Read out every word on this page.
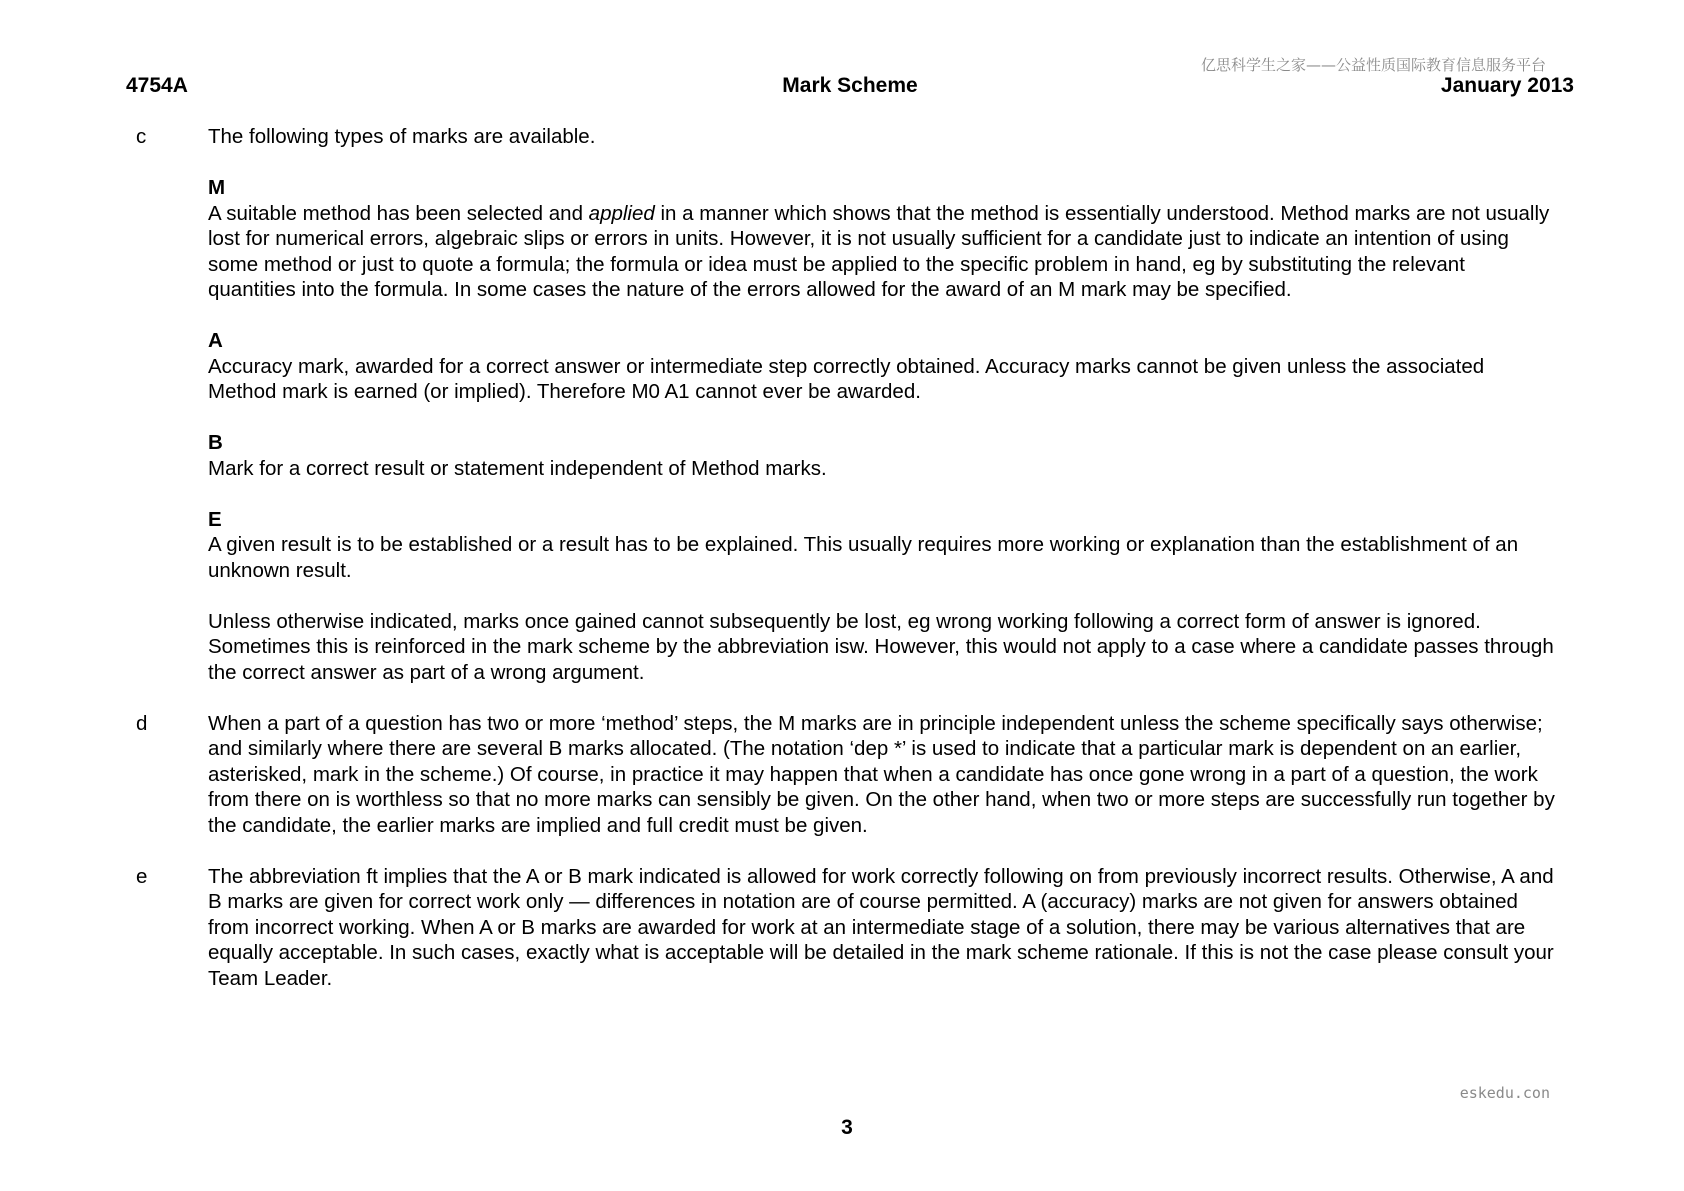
亿思科学生之家——公益性质国际教育信息服务平台
4754A	Mark Scheme	January 2013
c	The following types of marks are available.

M

A suitable method has been selected and applied in a manner which shows that the method is essentially understood. Method marks are not usually lost for numerical errors, algebraic slips or errors in units. However, it is not usually sufficient for a candidate just to indicate an intention of using some method or just to quote a formula; the formula or idea must be applied to the specific problem in hand, eg by substituting the relevant quantities into the formula. In some cases the nature of the errors allowed for the award of an M mark may be specified.

A

Accuracy mark, awarded for a correct answer or intermediate step correctly obtained. Accuracy marks cannot be given unless the associated Method mark is earned (or implied). Therefore M0 A1 cannot ever be awarded.

B

Mark for a correct result or statement independent of Method marks.

E

A given result is to be established or a result has to be explained. This usually requires more working or explanation than the establishment of an unknown result.

Unless otherwise indicated, marks once gained cannot subsequently be lost, eg wrong working following a correct form of answer is ignored. Sometimes this is reinforced in the mark scheme by the abbreviation isw. However, this would not apply to a case where a candidate passes through the correct answer as part of a wrong argument.

d	When a part of a question has two or more ‘method’ steps, the M marks are in principle independent unless the scheme specifically says otherwise; and similarly where there are several B marks allocated. (The notation ‘dep *’ is used to indicate that a particular mark is dependent on an earlier, asterisked, mark in the scheme.) Of course, in practice it may happen that when a candidate has once gone wrong in a part of a question, the work from there on is worthless so that no more marks can sensibly be given. On the other hand, when two or more steps are successfully run together by the candidate, the earlier marks are implied and full credit must be given.

e	The abbreviation ft implies that the A or B mark indicated is allowed for work correctly following on from previously incorrect results. Otherwise, A and B marks are given for correct work only — differences in notation are of course permitted. A (accuracy) marks are not given for answers obtained from incorrect working. When A or B marks are awarded for work at an intermediate stage of a solution, there may be various alternatives that are equally acceptable. In such cases, exactly what is acceptable will be detailed in the mark scheme rationale. If this is not the case please consult your Team Leader.

eskedu.con
3
